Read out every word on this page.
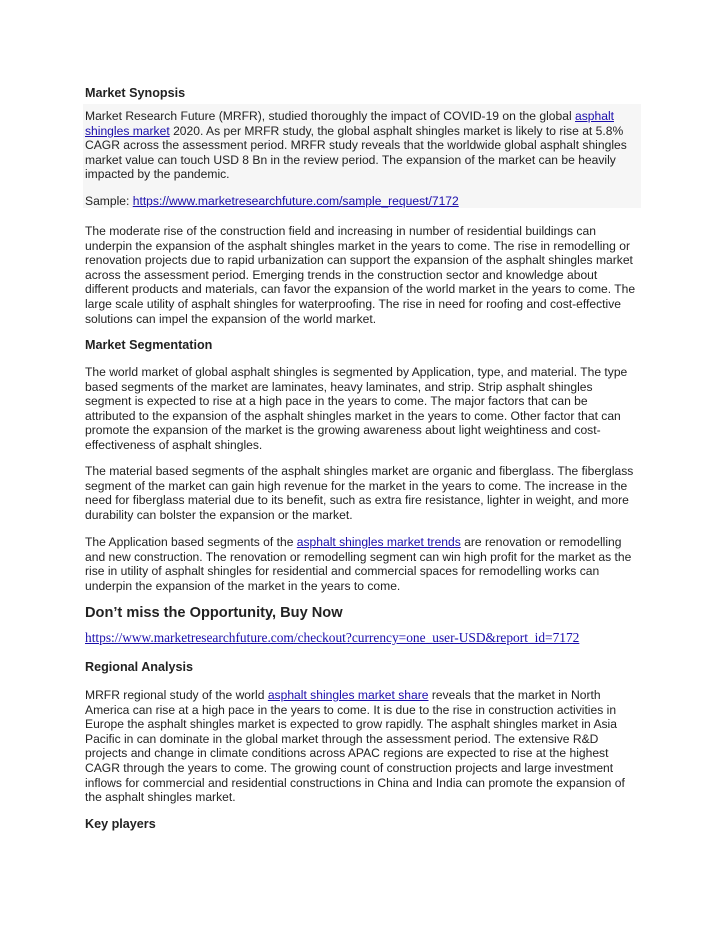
Market Synopsis

Market Research Future (MRFR), studied thoroughly the impact of COVID-19 on the global asphalt shingles market 2020. As per MRFR study, the global asphalt shingles market is likely to rise at 5.8% CAGR across the assessment period. MRFR study reveals that the worldwide global asphalt shingles market value can touch USD 8 Bn in the review period. The expansion of the market can be heavily impacted by the pandemic.

Sample: https://www.marketresearchfuture.com/sample_request/7172

The moderate rise of the construction field and increasing in number of residential buildings can underpin the expansion of the asphalt shingles market in the years to come. The rise in remodelling or renovation projects due to rapid urbanization can support the expansion of the asphalt shingles market across the assessment period. Emerging trends in the construction sector and knowledge about different products and materials, can favor the expansion of the world market in the years to come. The large scale utility of asphalt shingles for waterproofing. The rise in need for roofing and cost-effective solutions can impel the expansion of the world market.

Market Segmentation

The world market of global asphalt shingles is segmented by Application, type, and material. The type based segments of the market are laminates, heavy laminates, and strip. Strip asphalt shingles segment is expected to rise at a high pace in the years to come. The major factors that can be attributed to the expansion of the asphalt shingles market in the years to come. Other factor that can promote the expansion of the market is the growing awareness about light weightiness and cost-effectiveness of asphalt shingles.

The material based segments of the asphalt shingles market are organic and fiberglass. The fiberglass segment of the market can gain high revenue for the market in the years to come. The increase in the need for fiberglass material due to its benefit, such as extra fire resistance, lighter in weight, and more durability can bolster the expansion or the market.

The Application based segments of the asphalt shingles market trends are renovation or remodelling and new construction. The renovation or remodelling segment can win high profit for the market as the rise in utility of asphalt shingles for residential and commercial spaces for remodelling works can underpin the expansion of the market in the years to come.

Don’t miss the Opportunity, Buy Now
https://www.marketresearchfuture.com/checkout?currency=one_user-USD&report_id=7172
Regional Analysis

MRFR regional study of the world asphalt shingles market share reveals that the market in North America can rise at a high pace in the years to come. It is due to the rise in construction activities in Europe the asphalt shingles market is expected to grow rapidly. The asphalt shingles market in Asia Pacific in can dominate in the global market through the assessment period. The extensive R&D projects and change in climate conditions across APAC regions are expected to rise at the highest CAGR through the years to come. The growing count of construction projects and large investment inflows for commercial and residential constructions in China and India can promote the expansion of the asphalt shingles market.

Key players
